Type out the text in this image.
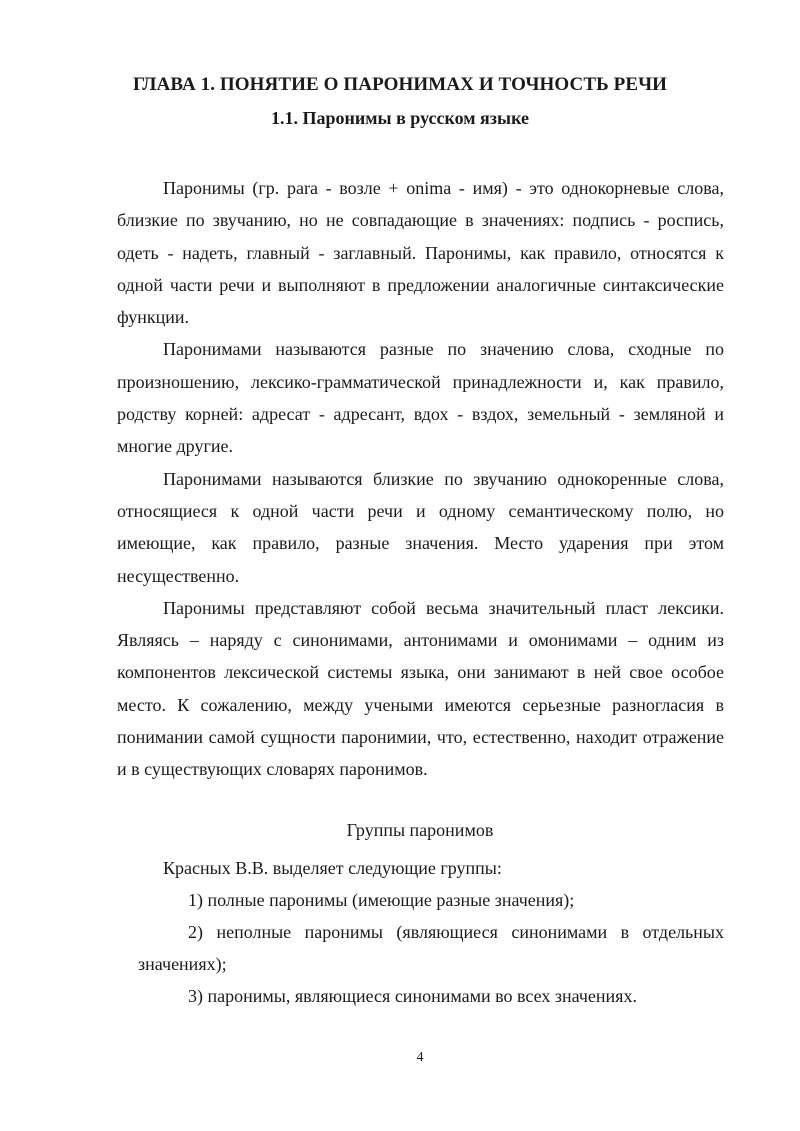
ГЛАВА 1. ПОНЯТИЕ О ПАРОНИМАХ И ТОЧНОСТЬ РЕЧИ
1.1. Паронимы в русском языке

Паронимы (гр. para - возле + onima - имя) - это однокорневые слова, близкие по звучанию, но не совпадающие в значениях: подпись - роспись, одеть - надеть, главный - заглавный. Паронимы, как правило, относятся к одной части речи и выполняют в предложении аналогичные синтаксические функции.

Паронимами называются разные по значению слова, сходные по произношению, лексико-грамматической принадлежности и, как правило, родству корней: адресат - адресант, вдох - вздох, земельный - земляной и многие другие.

Паронимами называются близкие по звучанию однокоренные слова, относящиеся к одной части речи и одному семантическому полю, но имеющие, как правило, разные значения. Место ударения при этом несущественно.

Паронимы представляют собой весьма значительный пласт лексики. Являясь – наряду с синонимами, антонимами и омонимами – одним из компонентов лексической системы языка, они занимают в ней свое особое место. К сожалению, между учеными имеются серьезные разногласия в понимании самой сущности паронимии, что, естественно, находит отражение и в существующих словарях паронимов.

Группы паронимов
Красных В.В. выделяет следующие группы:
1) полные паронимы (имеющие разные значения);
2) неполные паронимы (являющиеся синонимами в отдельных значениях);
3) паронимы, являющиеся синонимами во всех значениях.
4
